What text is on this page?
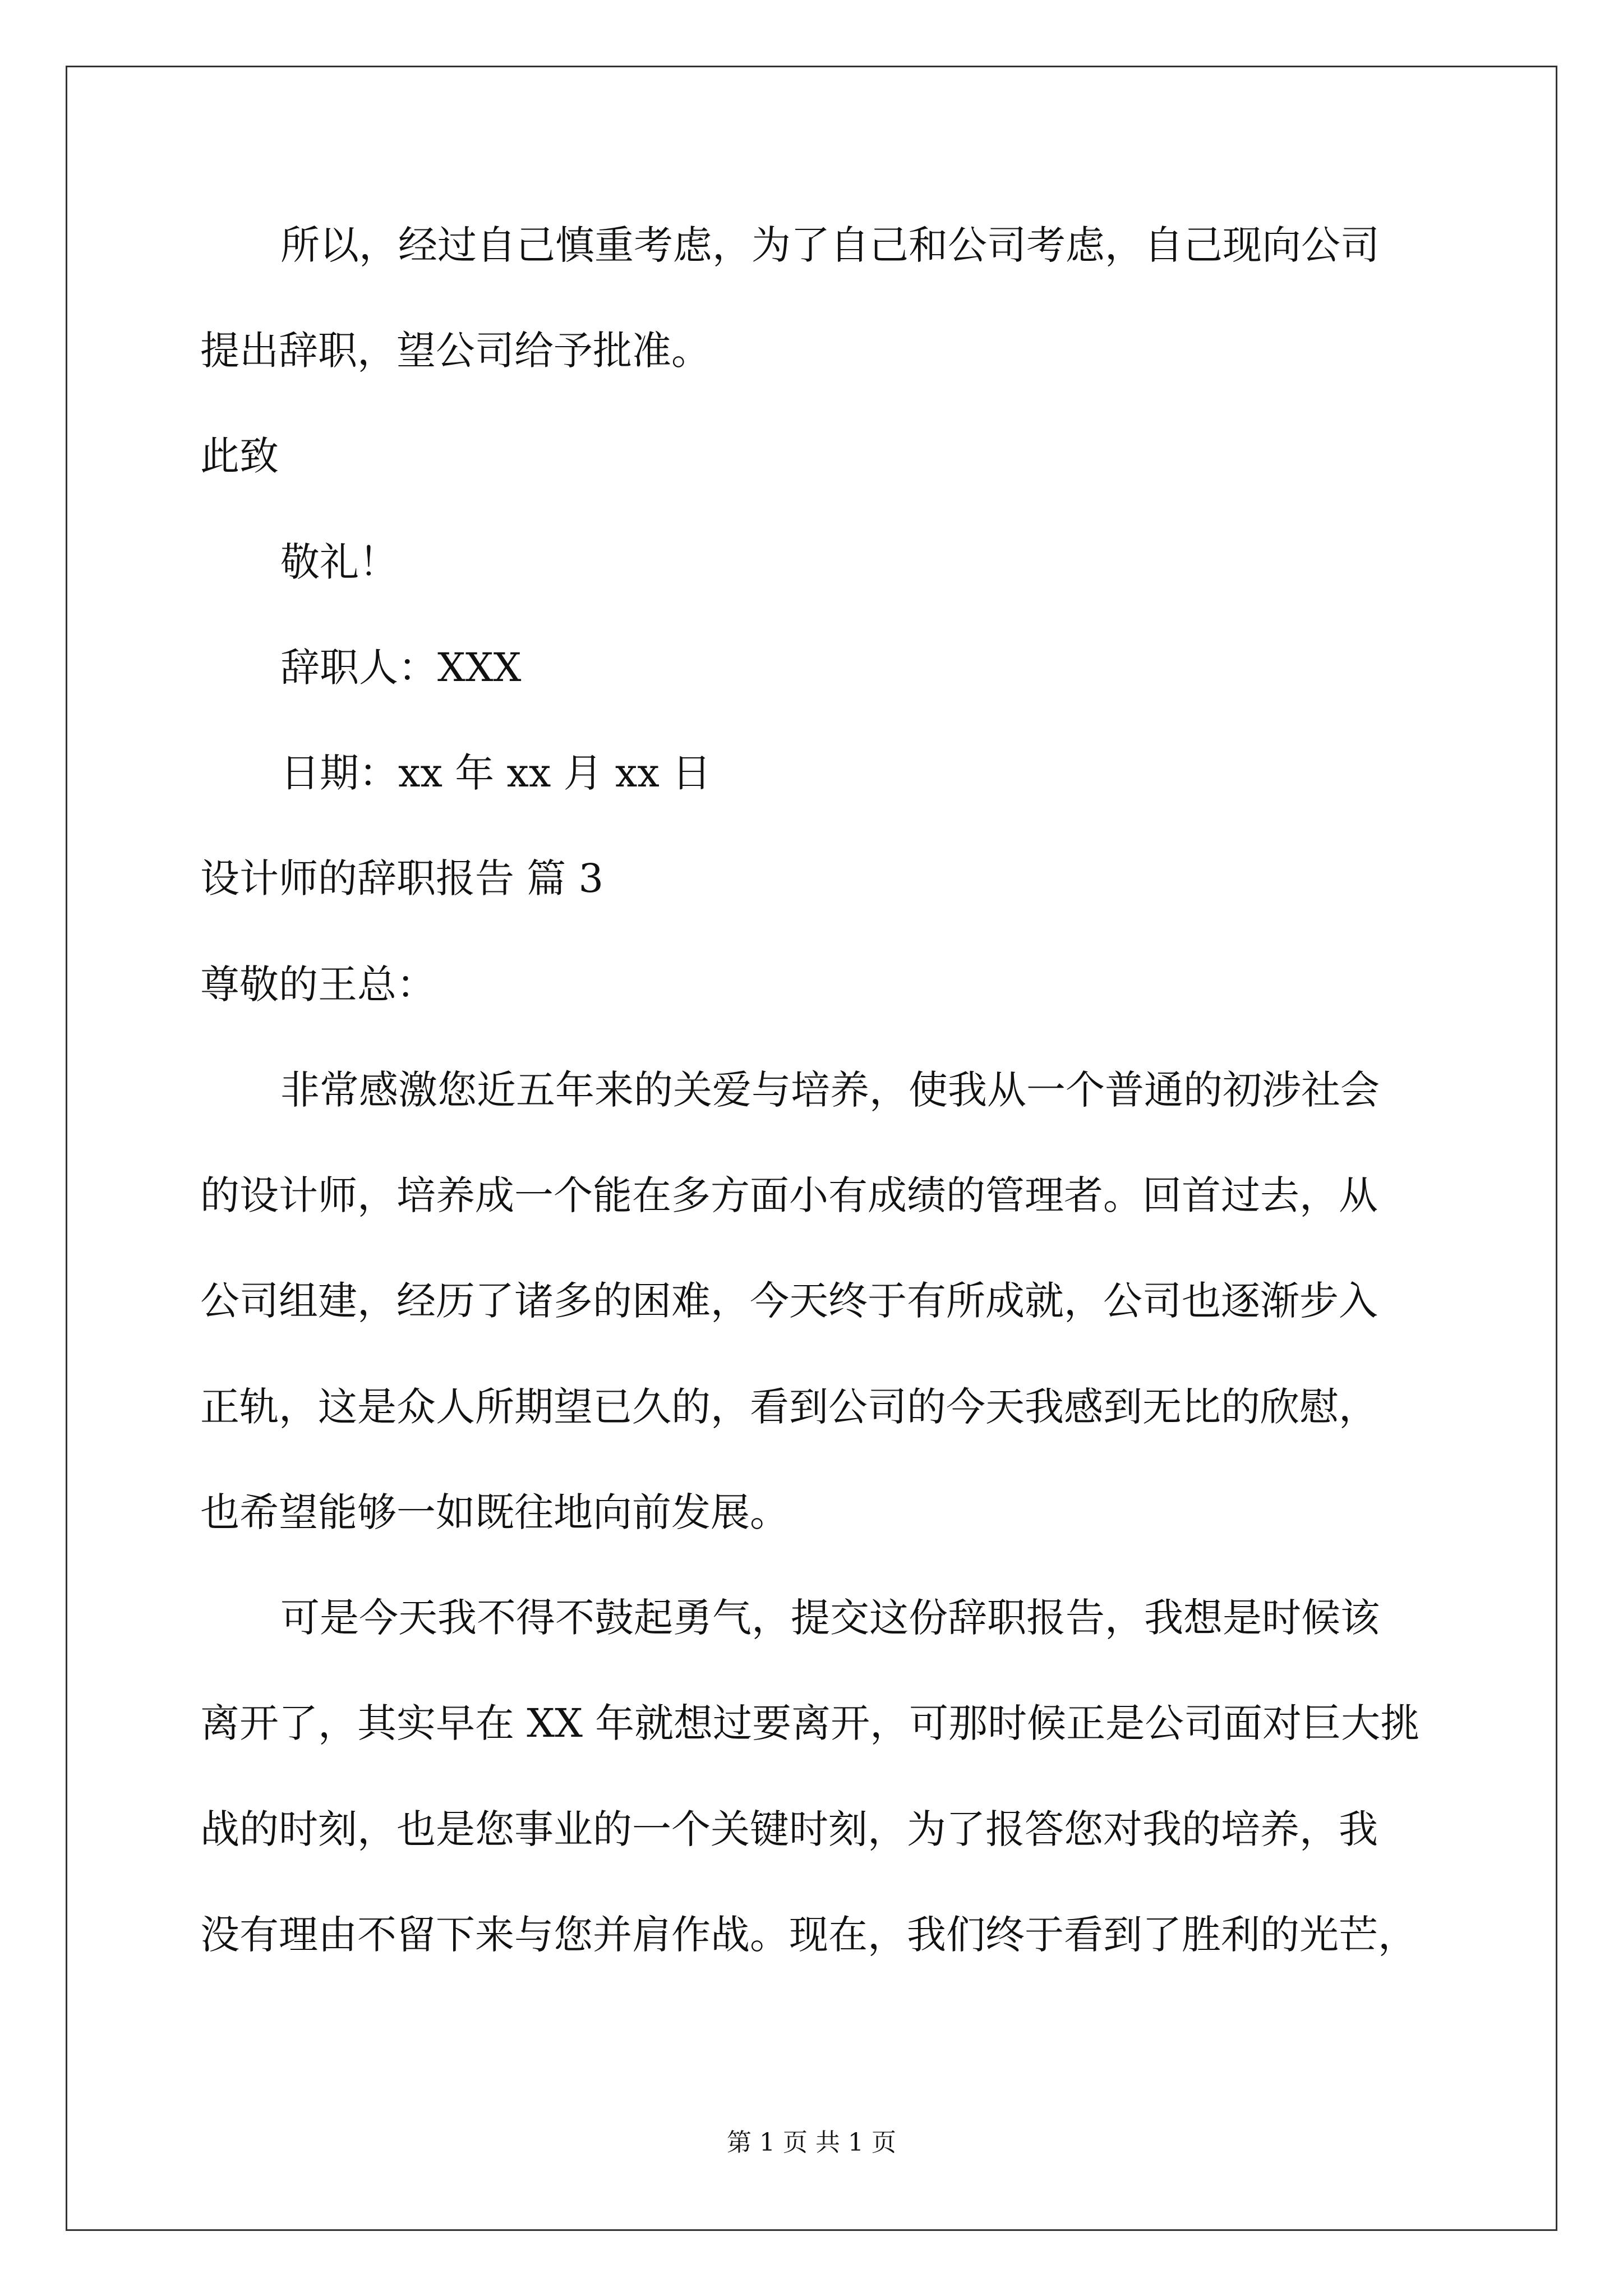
所以，经过自己慎重考虑，为了自己和公司考虑，自己现向公司
提出辞职，望公司给予批准。
此致
敬礼！
辞职人：XXX
日期：xx 年 xx 月 xx 日
设计师的辞职报告 篇 3
尊敬的王总：
非常感激您近五年来的关爱与培养，使我从一个普通的初涉社会
的设计师，培养成一个能在多方面小有成绩的管理者。回首过去，从
公司组建，经历了诸多的困难，今天终于有所成就，公司也逐渐步入
正轨，这是众人所期望已久的，看到公司的今天我感到无比的欣慰，
也希望能够一如既往地向前发展。
可是今天我不得不鼓起勇气，提交这份辞职报告，我想是时候该
离开了，其实早在 XX 年就想过要离开，可那时候正是公司面对巨大挑
战的时刻，也是您事业的一个关键时刻，为了报答您对我的培养，我
没有理由不留下来与您并肩作战。现在，我们终于看到了胜利的光芒，
第 1 页 共 1 页
